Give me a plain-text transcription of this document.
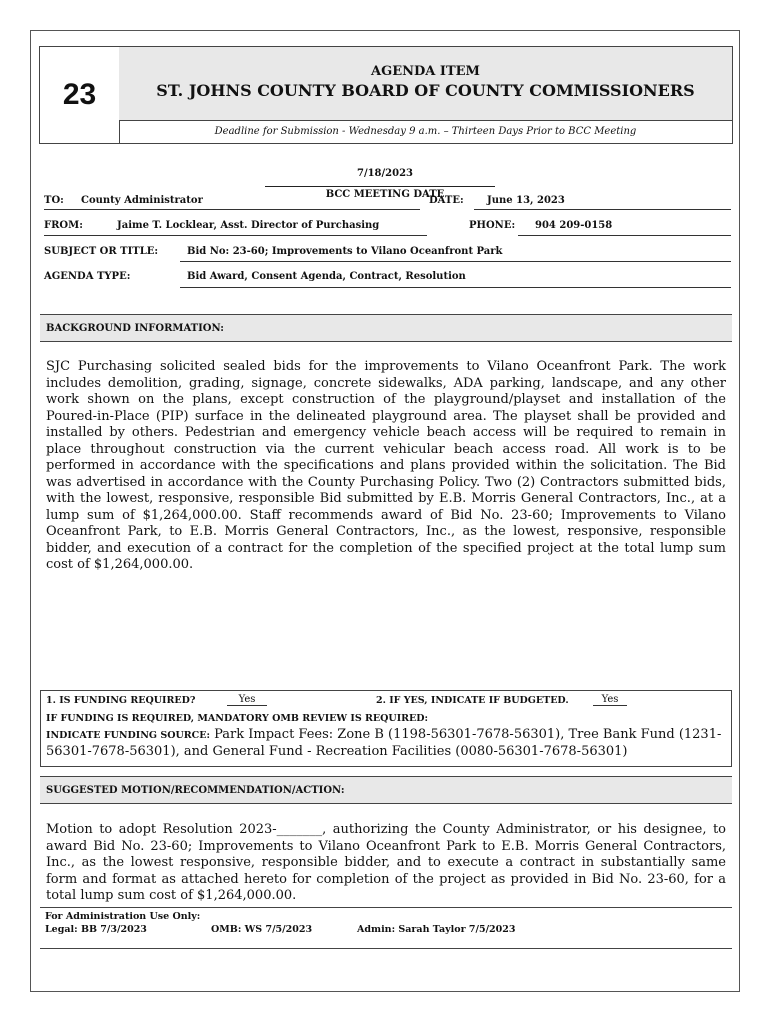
23
AGENDA ITEM
ST. JOHNS COUNTY BOARD OF COUNTY COMMISSIONERS
Deadline for Submission - Wednesday 9 a.m. – Thirteen Days Prior to BCC Meeting
7/18/2023
BCC MEETING DATE
TO: County Administrator	DATE: June 13, 2023
FROM:	Jaime T. Locklear, Asst. Director of Purchasing	PHONE: 904 209-0158
SUBJECT OR TITLE:	Bid No: 23-60; Improvements to Vilano Oceanfront Park
AGENDA TYPE:	Bid Award, Consent Agenda, Contract, Resolution
BACKGROUND INFORMATION:

SJC Purchasing solicited sealed bids for the improvements to Vilano Oceanfront Park. The work includes demolition, grading, signage, concrete sidewalks, ADA parking, landscape, and any other work shown on the plans, except construction of the playground/playset and installation of the Poured-in-Place (PIP) surface in the delineated playground area. The playset shall be provided and installed by others. Pedestrian and emergency vehicle beach access will be required to remain in place throughout construction via the current vehicular beach access road. All work is to be performed in accordance with the specifications and plans provided within the solicitation. The Bid was advertised in accordance with the County Purchasing Policy. Two (2) Contractors submitted bids, with the lowest, responsive, responsible Bid submitted by E.B. Morris General Contractors, Inc., at a lump sum of $1,264,000.00. Staff recommends award of Bid No. 23-60; Improvements to Vilano Oceanfront Park, to E.B. Morris General Contractors, Inc., as the lowest, responsive, responsible bidder, and execution of a contract for the completion of the specified project at the total lump sum cost of $1,264,000.00.

1. IS FUNDING REQUIRED?	Yes	2. IF YES, INDICATE IF BUDGETED.	Yes
IF FUNDING IS REQUIRED, MANDATORY OMB REVIEW IS REQUIRED:

INDICATE FUNDING SOURCE: Park Impact Fees: Zone B (1198-56301-7678-56301), Tree Bank Fund (1231-56301-7678-56301), and General Fund - Recreation Facilities (0080-56301-7678-56301)

SUGGESTED MOTION/RECOMMENDATION/ACTION:

Motion to adopt Resolution 2023-_______, authorizing the County Administrator, or his designee, to award Bid No. 23-60; Improvements to Vilano Oceanfront Park to E.B. Morris General Contractors, Inc., as the lowest responsive, responsible bidder, and to execute a contract in substantially same form and format as attached hereto for completion of the project as provided in Bid No. 23-60, for a total lump sum cost of $1,264,000.00.

For Administration Use Only:
Legal: BB 7/3/2023	OMB: WS 7/5/2023	Admin: Sarah Taylor 7/5/2023
